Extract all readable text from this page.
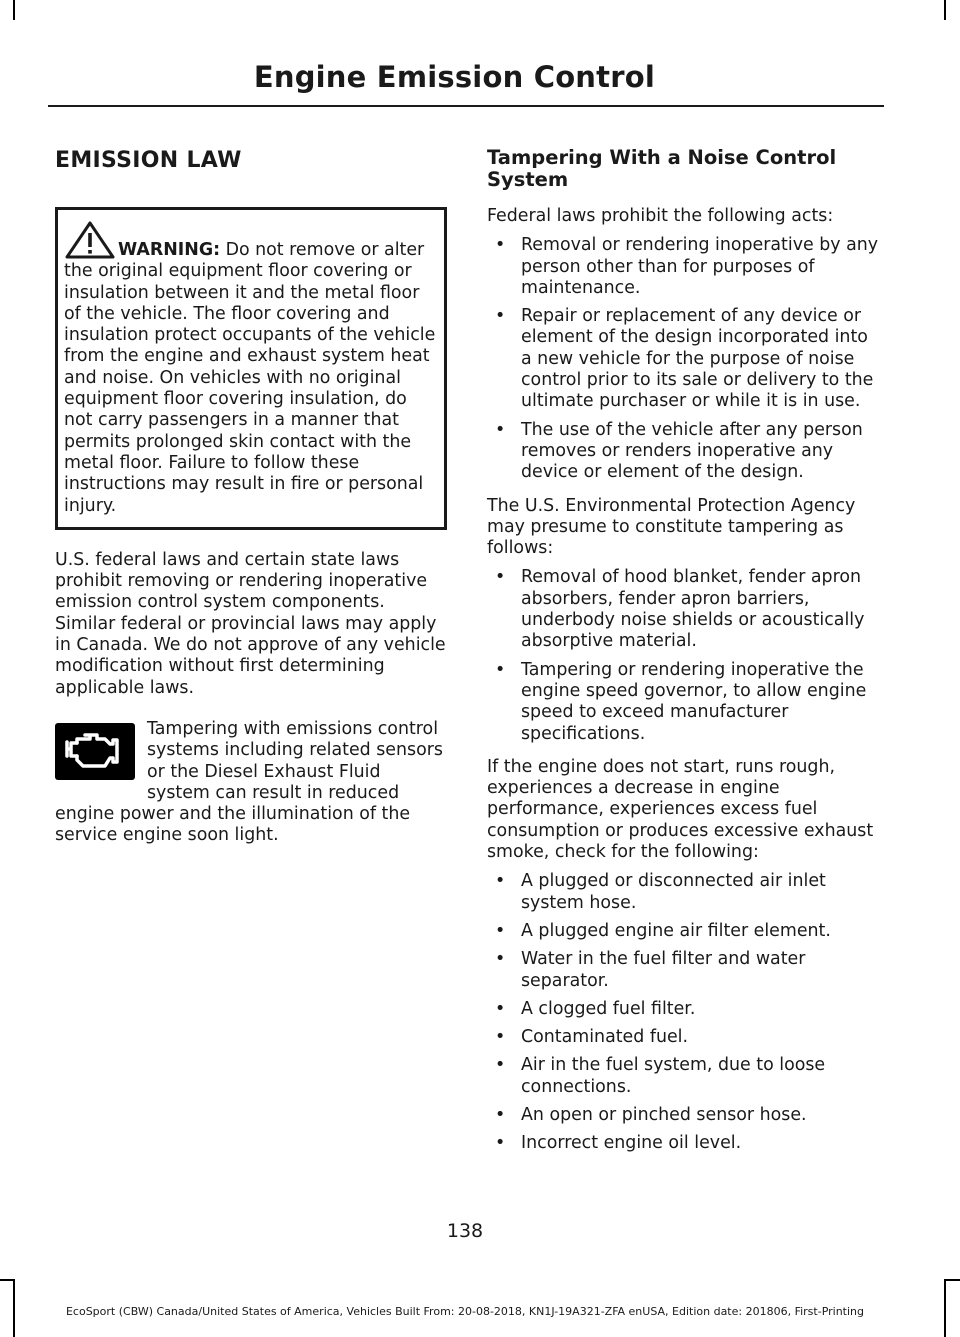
Engine Emission Control
EMISSION LAW

WARNING: Do not remove or alter the original equipment floor covering or insulation between it and the metal floor of the vehicle. The floor covering and insulation protect occupants of the vehicle from the engine and exhaust system heat and noise. On vehicles with no original equipment floor covering insulation, do not carry passengers in a manner that permits prolonged skin contact with the metal floor. Failure to follow these instructions may result in fire or personal injury.

U.S. federal laws and certain state laws prohibit removing or rendering inoperative emission control system components. Similar federal or provincial laws may apply in Canada. We do not approve of any vehicle modification without first determining applicable laws.

Tampering with emissions control systems including related sensors or the Diesel Exhaust Fluid system can result in reduced engine power and the illumination of the service engine soon light.

Tampering With a Noise Control System

Federal laws prohibit the following acts:

• Removal or rendering inoperative by any person other than for purposes of maintenance.
• Repair or replacement of any device or element of the design incorporated into a new vehicle for the purpose of noise control prior to its sale or delivery to the ultimate purchaser or while it is in use.
• The use of the vehicle after any person removes or renders inoperative any device or element of the design.

The U.S. Environmental Protection Agency may presume to constitute tampering as follows:

• Removal of hood blanket, fender apron absorbers, fender apron barriers, underbody noise shields or acoustically absorptive material.
• Tampering or rendering inoperative the engine speed governor, to allow engine speed to exceed manufacturer specifications.

If the engine does not start, runs rough, experiences a decrease in engine performance, experiences excess fuel consumption or produces excessive exhaust smoke, check for the following:

• A plugged or disconnected air inlet system hose.
• A plugged engine air filter element.
• Water in the fuel filter and water separator.
• A clogged fuel filter.
• Contaminated fuel.
• Air in the fuel system, due to loose connections.
• An open or pinched sensor hose.
• Incorrect engine oil level.
138
EcoSport (CBW) Canada/United States of America, Vehicles Built From: 20-08-2018, KN1J-19A321-ZFA enUSA, Edition date: 201806, First-Printing
